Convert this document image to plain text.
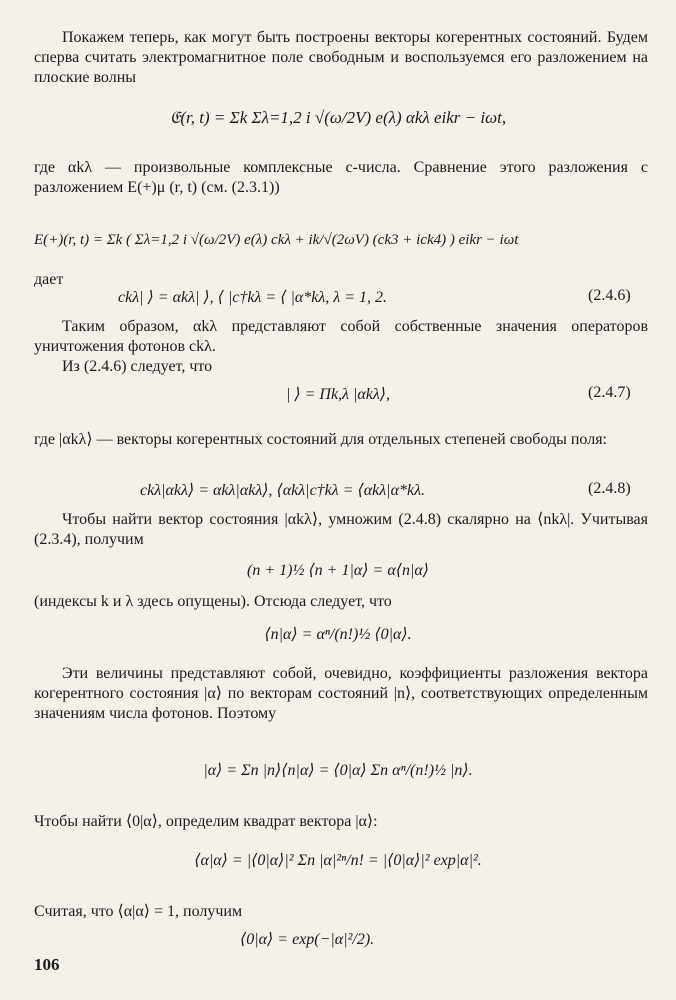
Покажем теперь, как могут быть построены векторы когерентных состояний. Будем сперва считать электромагнитное поле свободным и воспользуемся его разложением на плоские волны
𝔈(r, t) = Σk Σλ=1,2 i √(ω/2V) e(λ) αkλ eikr − iωt,
где αkλ — произвольные комплексные c-числа. Сравнение этого разложения с разложением E(+)μ (r, t) (см. (2.3.1))
E(+)(r, t) = Σk ( Σλ=1,2 i √(ω/2V) e(λ) ckλ + ik/√(2ωV) (ck3 + ick4) ) eikr − iωt
дает
ckλ| ⟩ = αkλ| ⟩, ⟨ |c†kλ = ⟨ |α*kλ, λ = 1, 2.	(2.4.6)
Таким образом, αkλ представляют собой собственные значения операторов уничтожения фотонов ckλ.
Из (2.4.6) следует, что
| ⟩ = Πk,λ |αkλ⟩,	(2.4.7)
где |αkλ⟩ — векторы когерентных состояний для отдельных степеней свободы поля:
ckλ|αkλ⟩ = αkλ|αkλ⟩, ⟨αkλ|c†kλ = ⟨αkλ|α*kλ.	(2.4.8)
Чтобы найти вектор состояния |αkλ⟩, умножим (2.4.8) скалярно на ⟨nkλ|. Учитывая (2.3.4), получим
(n + 1)½ ⟨n + 1|α⟩ = α⟨n|α⟩
(индексы k и λ здесь опущены). Отсюда следует, что
⟨n|α⟩ = αⁿ/(n!)½ ⟨0|α⟩.
Эти величины представляют собой, очевидно, коэффициенты разложения вектора когерентного состояния |α⟩ по векторам состояний |n⟩, соответствующих определенным значениям числа фотонов. Поэтому
|α⟩ = Σn |n⟩⟨n|α⟩ = ⟨0|α⟩ Σn αⁿ/(n!)½ |n⟩.
Чтобы найти ⟨0|α⟩, определим квадрат вектора |α⟩:
⟨α|α⟩ = |⟨0|α⟩|² Σn |α|²ⁿ/n! = |⟨0|α⟩|² exp|α|².
Считая, что ⟨α|α⟩ = 1, получим
⟨0|α⟩ = exp(−|α|²/2).
106
